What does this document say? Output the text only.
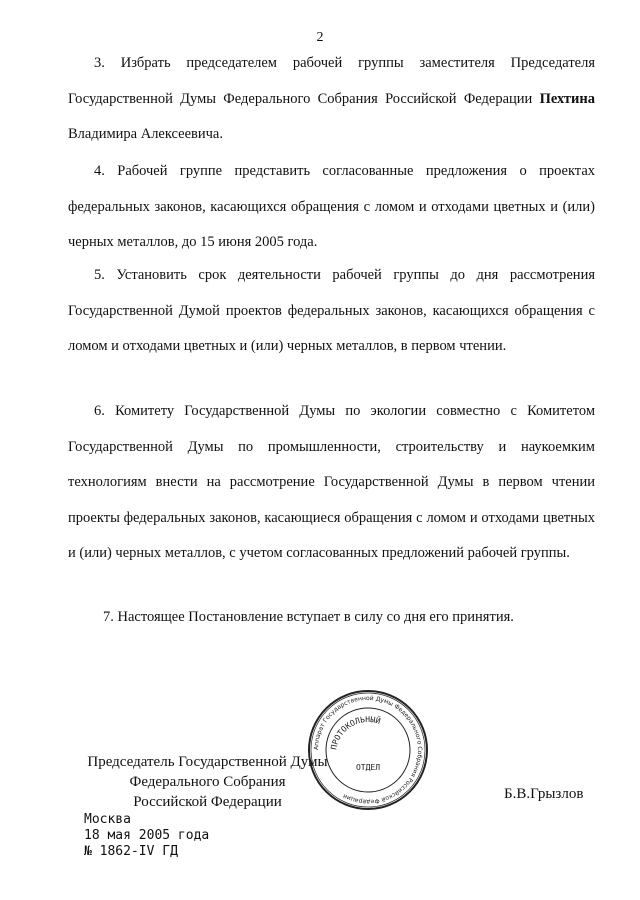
2

3. Избрать председателем рабочей группы заместителя Председателя Государственной Думы Федерального Собрания Российской Федерации Пехтина Владимира Алексеевича.

4. Рабочей группе представить согласованные предложения о проектах федеральных законов, касающихся обращения с ломом и отходами цветных и (или) черных металлов, до 15 июня 2005 года.

5. Установить срок деятельности рабочей группы до дня рассмотрения Государственной Думой проектов федеральных законов, касающихся обращения с ломом и отходами цветных и (или) черных металлов, в первом чтении.

6. Комитету Государственной Думы по экологии совместно с Комитетом Государственной Думы по промышленности, строительству и наукоемким технологиям внести на рассмотрение Государственной Думы в первом чтении проекты федеральных законов, касающиеся обращения с ломом и отходами цветных и (или) черных металлов, с учетом согласованных предложений рабочей группы.

7. Настоящее Постановление вступает в силу со дня его принятия.

Председатель Государственной Думы
Федерального Собрания
Российской Федерации	Б.В.Грызлов
Москва
18 мая 2005 года
№ 1862-IV ГД
Аппарат Государственной Думы Федерального Собрания Российской Федерации
ПРОТОКОЛЬНЫЙ
ОТДЕЛ
